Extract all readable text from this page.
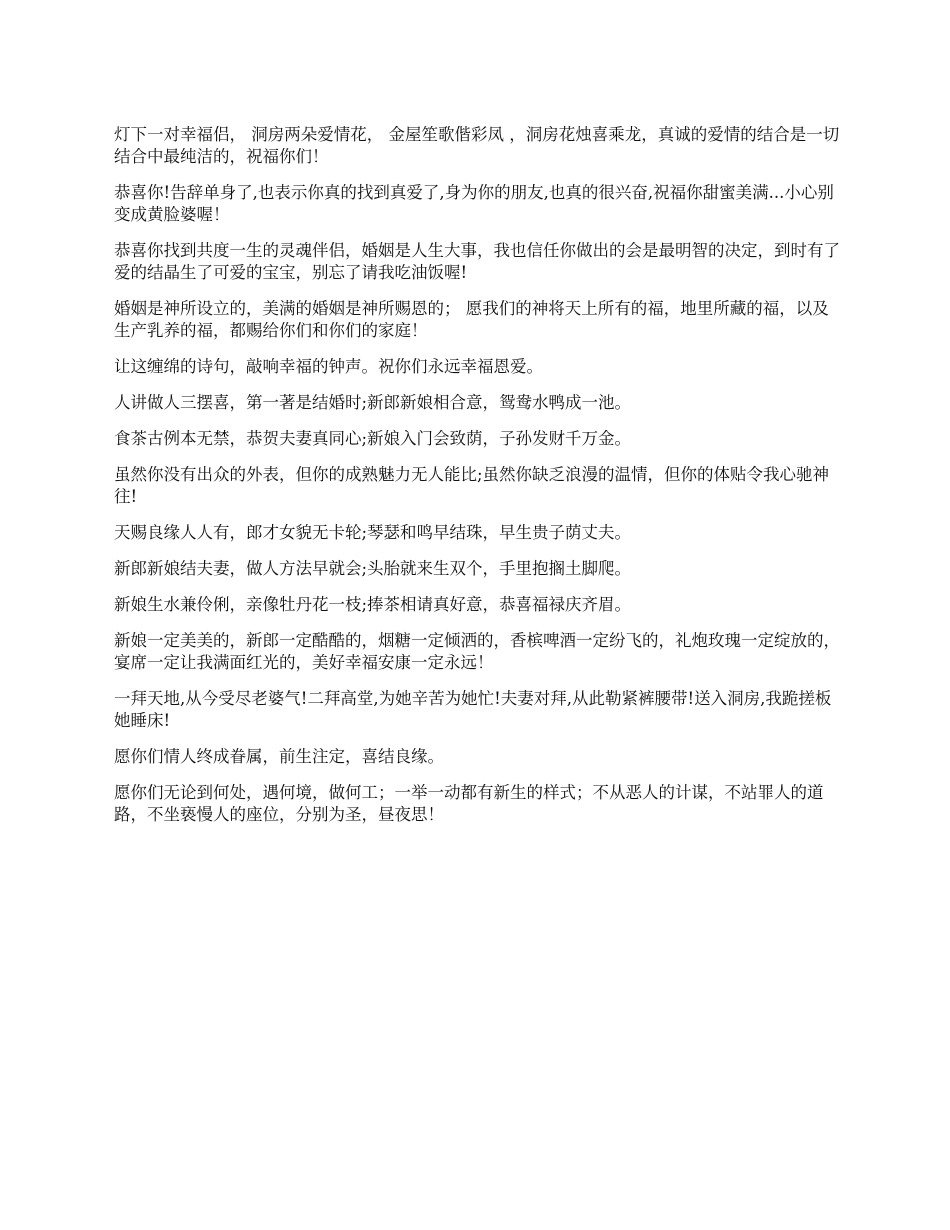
灯下一对幸福侣， 洞房两朵爱情花， 金屋笙歌偕彩凤 ，洞房花烛喜乘龙，真诚的爱情的结合是一切结合中最纯洁的，祝福你们！

恭喜你!告辞单身了,也表示你真的找到真爱了,身为你的朋友,也真的很兴奋,祝福你甜蜜美满...小心别变成黄脸婆喔！

恭喜你找到共度一生的灵魂伴侣，婚姻是人生大事，我也信任你做出的会是最明智的决定，到时有了爱的结晶生了可爱的宝宝，别忘了请我吃油饭喔!

婚姻是神所设立的，美满的婚姻是神所赐恩的； 愿我们的神将天上所有的福，地里所藏的福，以及生产乳养的福，都赐给你们和你们的家庭！

让这缠绵的诗句，敲响幸福的钟声。祝你们永远幸福恩爱。

人讲做人三摆喜，第一著是结婚时;新郎新娘相合意，鸳鸯水鸭成一池。

食茶古例本无禁，恭贺夫妻真同心;新娘入门会致荫，子孙发财千万金。

虽然你没有出众的外表，但你的成熟魅力无人能比;虽然你缺乏浪漫的温情，但你的体贴令我心驰神往!

天赐良缘人人有，郎才女貌无卡轮;琴瑟和鸣早结珠，早生贵子荫丈夫。

新郎新娘结夫妻，做人方法早就会;头胎就来生双个，手里抱搁土脚爬。

新娘生水兼伶俐，亲像牡丹花一枝;捧茶相请真好意，恭喜福禄庆齐眉。

新娘一定美美的，新郎一定酷酷的，烟糖一定倾洒的，香槟啤酒一定纷飞的，礼炮玫瑰一定绽放的，宴席一定让我满面红光的，美好幸福安康一定永远！

一拜天地,从今受尽老婆气!二拜高堂,为她辛苦为她忙!夫妻对拜,从此勒紧裤腰带!送入洞房,我跪搓板她睡床!

愿你们情人终成眷属，前生注定，喜结良缘。

愿你们无论到何处，遇何境，做何工；一举一动都有新生的样式；不从恶人的计谋，不站罪人的道路，不坐亵慢人的座位，分别为圣，昼夜思！
